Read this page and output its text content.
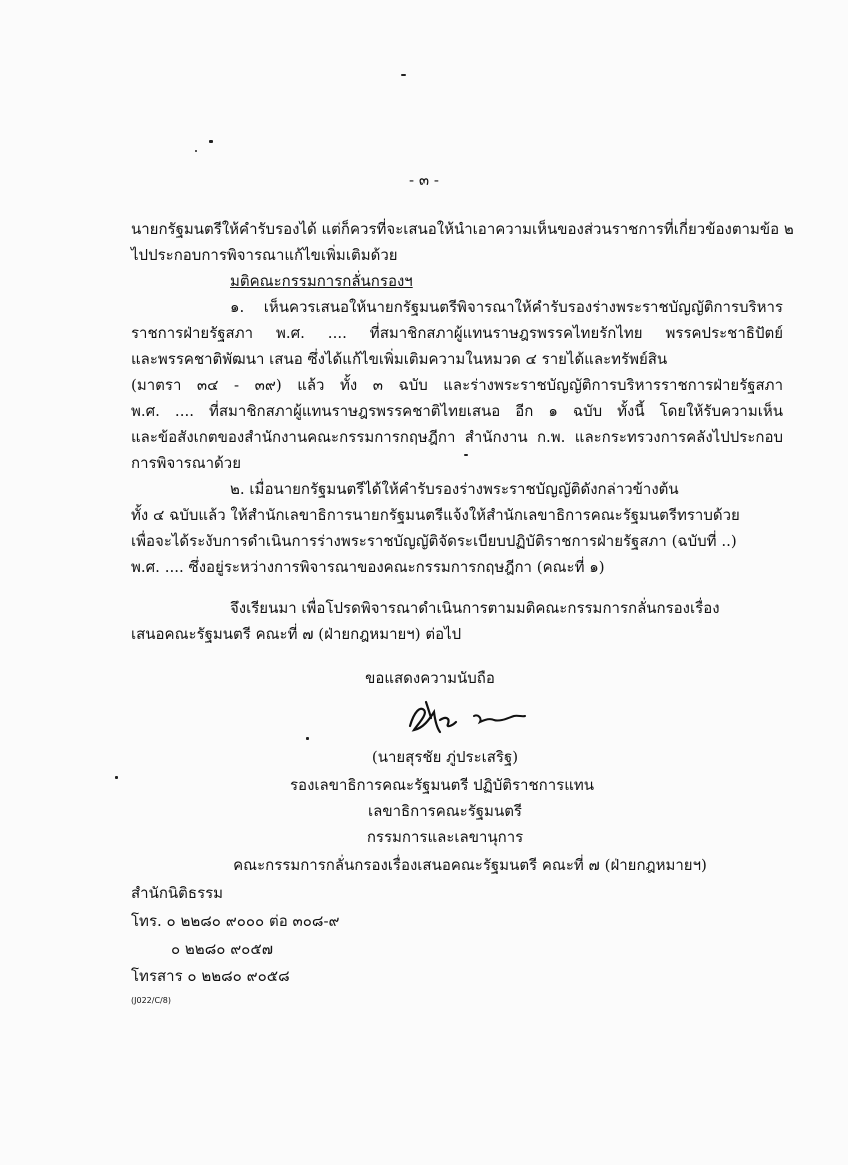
- ๓ -
นายกรัฐมนตรีให้คำรับรองได้ แต่ก็ควรที่จะเสนอให้นำเอาความเห็นของส่วนราชการที่เกี่ยวข้องตามข้อ ๒
ไปประกอบการพิจารณาแก้ไขเพิ่มเติมด้วย
มติคณะกรรมการกลั่นกรองฯ
๑. เห็นควรเสนอให้นายกรัฐมนตรีพิจารณาให้คำรับรองร่างพระราชบัญญัติการบริหาร
ราชการฝ่ายรัฐสภา พ.ศ. .... ที่สมาชิกสภาผู้แทนราษฎรพรรคไทยรักไทย พรรคประชาธิปัตย์
และพรรคชาติพัฒนา เสนอ ซึ่งได้แก้ไขเพิ่มเติมความในหมวด ๔ รายได้และทรัพย์สิน
(มาตรา ๓๔ - ๓๙) แล้ว ทั้ง ๓ ฉบับ และร่างพระราชบัญญัติการบริหารราชการฝ่ายรัฐสภา
พ.ศ. .... ที่สมาชิกสภาผู้แทนราษฎรพรรคชาติไทยเสนอ อีก ๑ ฉบับ ทั้งนี้ โดยให้รับความเห็น
และข้อสังเกตของสำนักงานคณะกรรมการกฤษฎีกา สำนักงาน ก.พ. และกระทรวงการคลังไปประกอบ
การพิจารณาด้วย
๒. เมื่อนายกรัฐมนตรีได้ให้คำรับรองร่างพระราชบัญญัติดังกล่าวข้างต้น
ทั้ง ๔ ฉบับแล้ว ให้สำนักเลขาธิการนายกรัฐมนตรีแจ้งให้สำนักเลขาธิการคณะรัฐมนตรีทราบด้วย
เพื่อจะได้ระงับการดำเนินการร่างพระราชบัญญัติจัดระเบียบปฏิบัติราชการฝ่ายรัฐสภา (ฉบับที่ ..)
พ.ศ. .... ซึ่งอยู่ระหว่างการพิจารณาของคณะกรรมการกฤษฎีกา (คณะที่ ๑)
จึงเรียนมา เพื่อโปรดพิจารณาดำเนินการตามมติคณะกรรมการกลั่นกรองเรื่อง
เสนอคณะรัฐมนตรี คณะที่ ๗ (ฝ่ายกฎหมายฯ) ต่อไป
ขอแสดงความนับถือ
(นายสุรชัย ภู่ประเสริฐ)
รองเลขาธิการคณะรัฐมนตรี ปฏิบัติราชการแทน
เลขาธิการคณะรัฐมนตรี
กรรมการและเลขานุการ
คณะกรรมการกลั่นกรองเรื่องเสนอคณะรัฐมนตรี คณะที่ ๗ (ฝ่ายกฎหมายฯ)
สำนักนิติธรรม
โทร. ๐ ๒๒๘๐ ๙๐๐๐ ต่อ ๓๐๘-๙
๐ ๒๒๘๐ ๙๐๕๗
โทรสาร ๐ ๒๒๘๐ ๙๐๕๘
(J022/C/8)
